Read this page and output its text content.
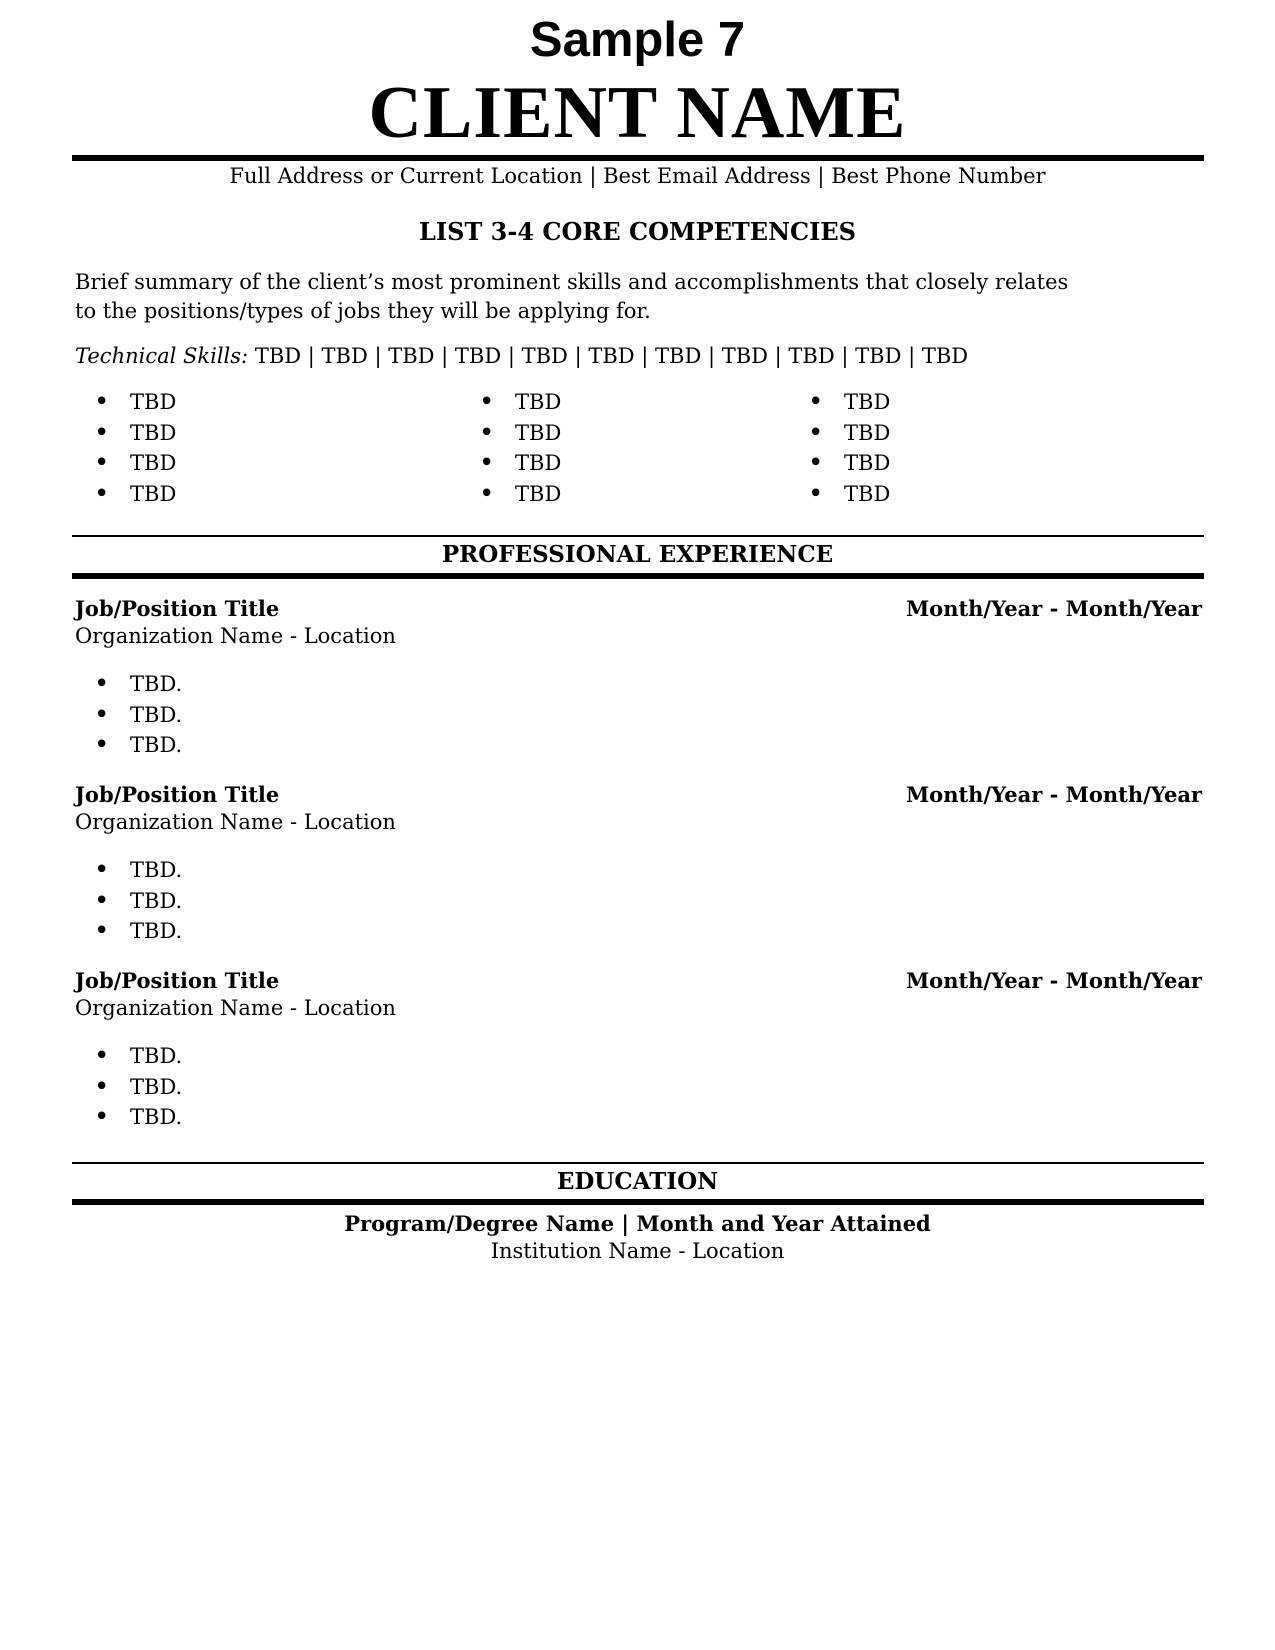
Sample 7
CLIENT NAME
Full Address or Current Location | Best Email Address | Best Phone Number
LIST 3-4 CORE COMPETENCIES
Brief summary of the client’s most prominent skills and accomplishments that closely relates to the positions/types of jobs they will be applying for.
Technical Skills: TBD | TBD | TBD | TBD | TBD | TBD | TBD | TBD | TBD | TBD | TBD
• TBD
• TBD
• TBD
• TBD
• TBD
• TBD
• TBD
• TBD
• TBD
• TBD
• TBD
• TBD
PROFESSIONAL EXPERIENCE
Job/Position Title	Month/Year - Month/Year
Organization Name - Location
• TBD.
• TBD.
• TBD.
Job/Position Title	Month/Year - Month/Year
Organization Name - Location
• TBD.
• TBD.
• TBD.
Job/Position Title	Month/Year - Month/Year
Organization Name - Location
• TBD.
• TBD.
• TBD.
EDUCATION
Program/Degree Name | Month and Year Attained
Institution Name - Location
